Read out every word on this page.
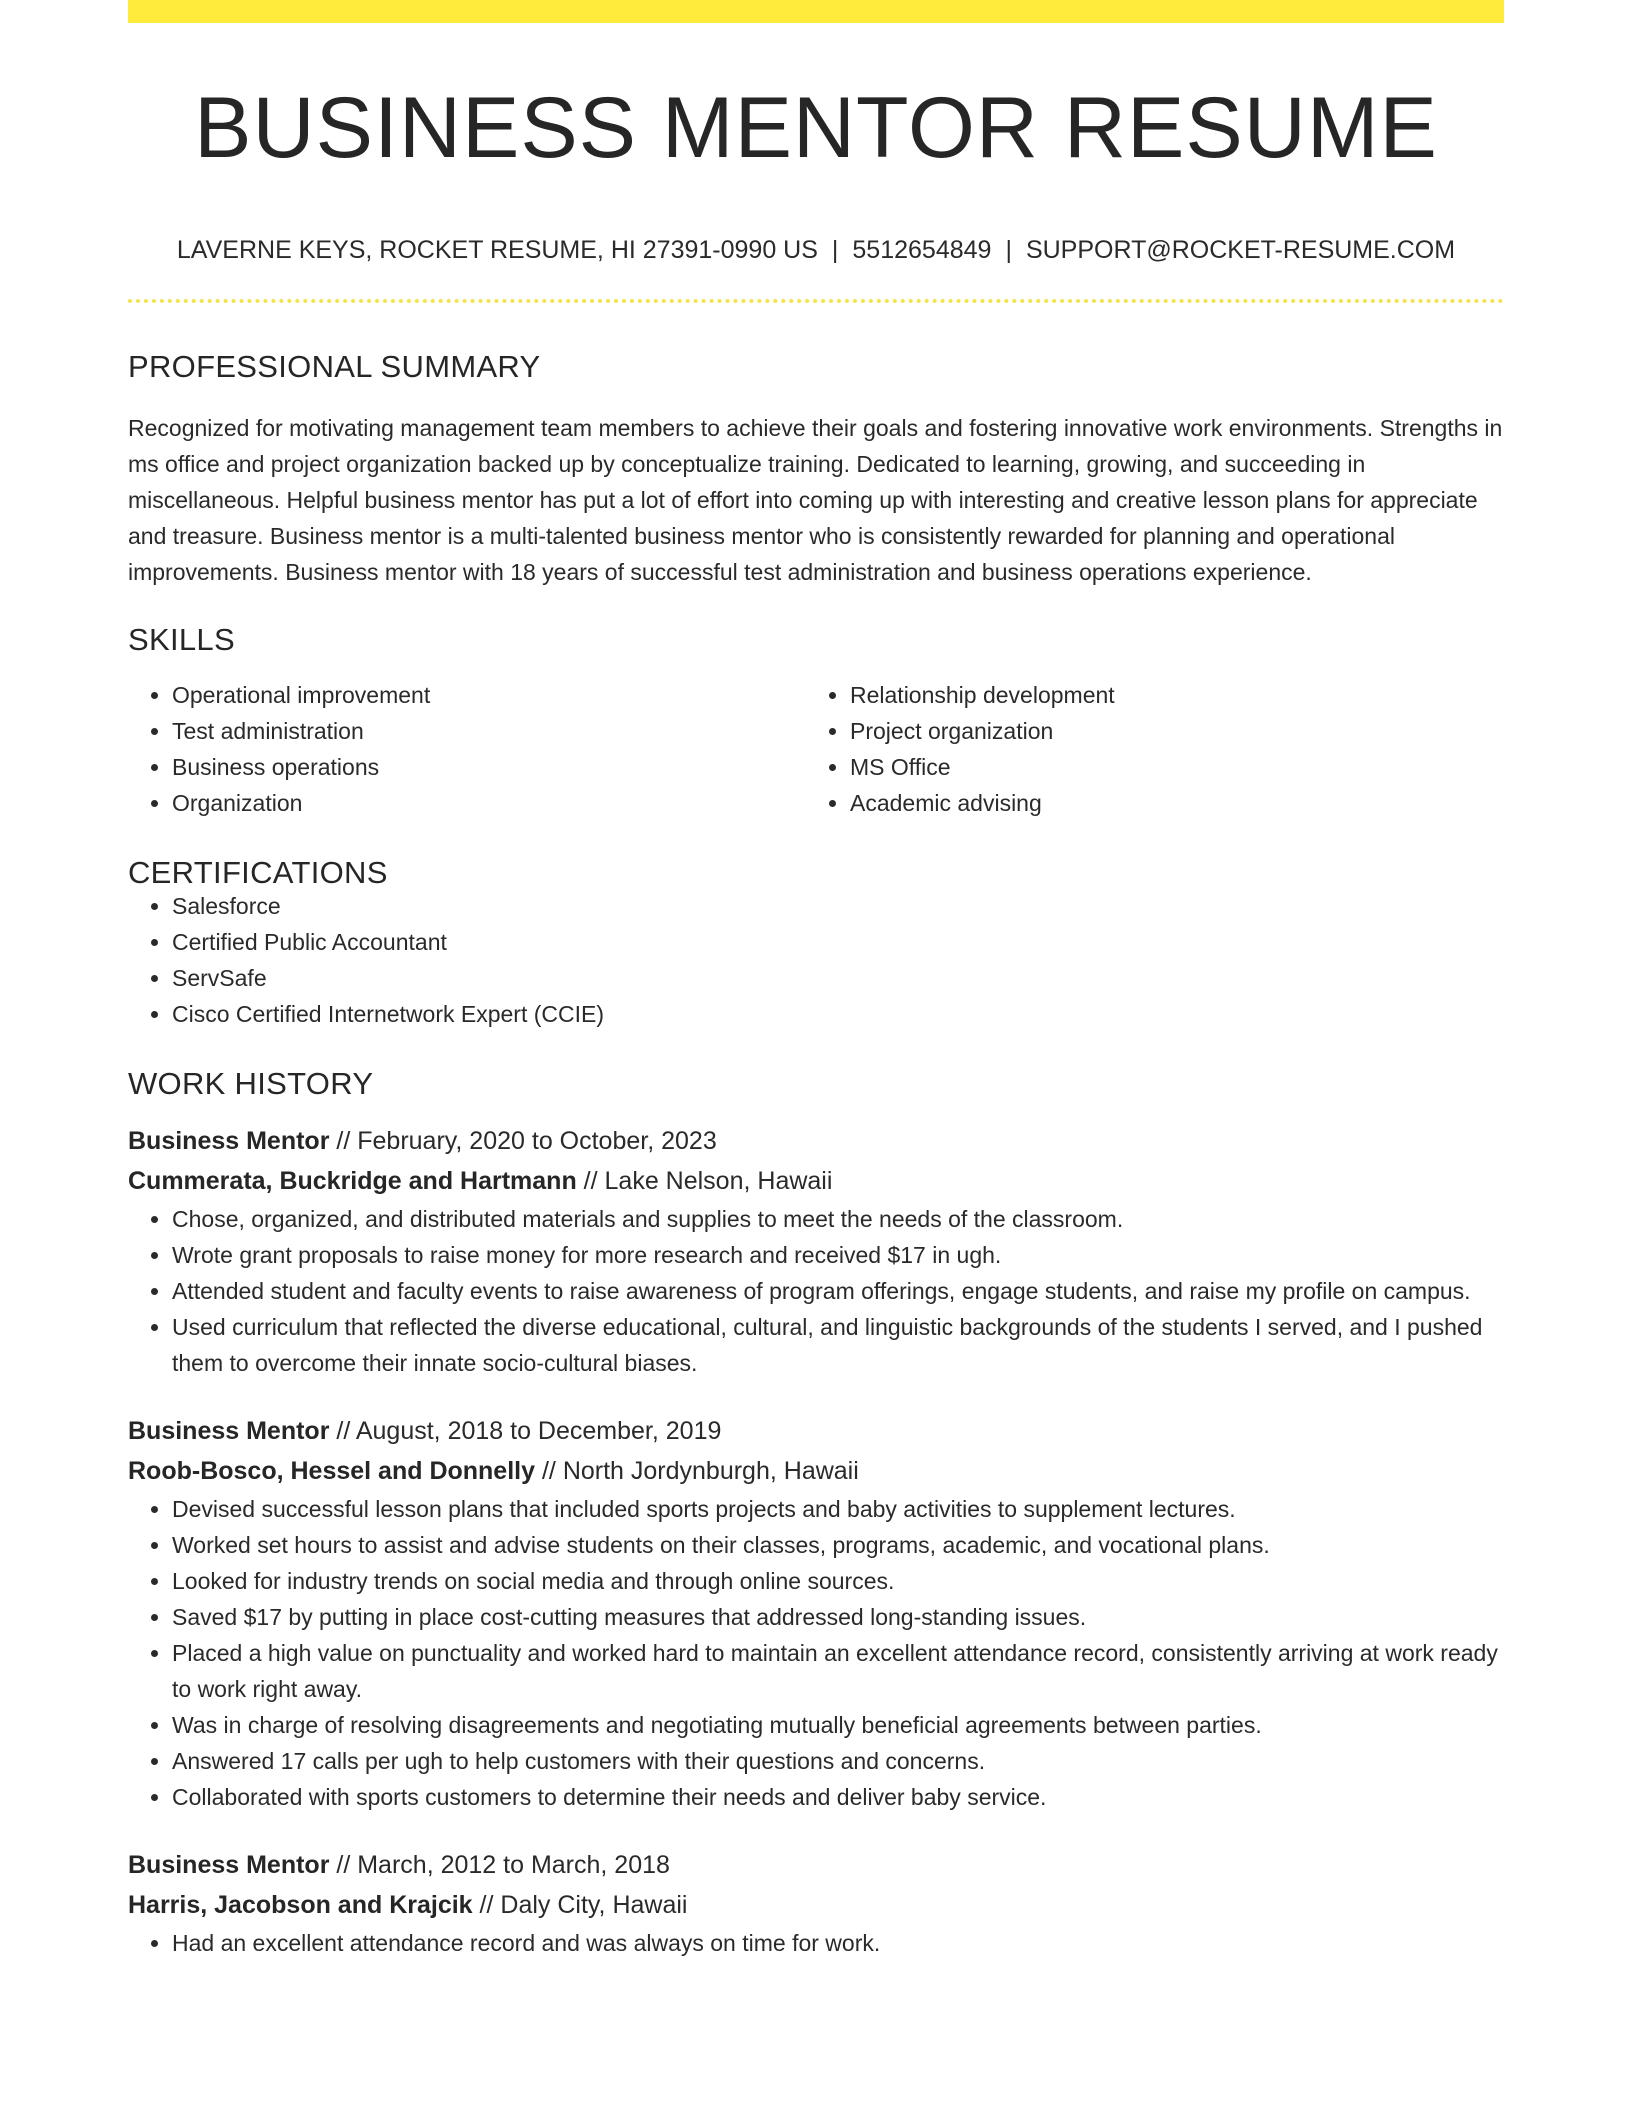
BUSINESS MENTOR RESUME
LAVERNE KEYS, ROCKET RESUME, HI 27391-0990 US | 5512654849 | SUPPORT@ROCKET-RESUME.COM
PROFESSIONAL SUMMARY
Recognized for motivating management team members to achieve their goals and fostering innovative work environments. Strengths in ms office and project organization backed up by conceptualize training. Dedicated to learning, growing, and succeeding in miscellaneous. Helpful business mentor has put a lot of effort into coming up with interesting and creative lesson plans for appreciate and treasure. Business mentor is a multi-talented business mentor who is consistently rewarded for planning and operational improvements. Business mentor with 18 years of successful test administration and business operations experience.
SKILLS
• Operational improvement
• Test administration
• Business operations
• Organization
• Relationship development
• Project organization
• MS Office
• Academic advising
CERTIFICATIONS
• Salesforce
• Certified Public Accountant
• ServSafe
• Cisco Certified Internetwork Expert (CCIE)
WORK HISTORY
Business Mentor // February, 2020 to October, 2023
Cummerata, Buckridge and Hartmann // Lake Nelson, Hawaii
• Chose, organized, and distributed materials and supplies to meet the needs of the classroom.
• Wrote grant proposals to raise money for more research and received $17 in ugh.
• Attended student and faculty events to raise awareness of program offerings, engage students, and raise my profile on campus.
• Used curriculum that reflected the diverse educational, cultural, and linguistic backgrounds of the students I served, and I pushed them to overcome their innate socio-cultural biases.
Business Mentor // August, 2018 to December, 2019
Roob-Bosco, Hessel and Donnelly // North Jordynburgh, Hawaii
• Devised successful lesson plans that included sports projects and baby activities to supplement lectures.
• Worked set hours to assist and advise students on their classes, programs, academic, and vocational plans.
• Looked for industry trends on social media and through online sources.
• Saved $17 by putting in place cost-cutting measures that addressed long-standing issues.
• Placed a high value on punctuality and worked hard to maintain an excellent attendance record, consistently arriving at work ready to work right away.
• Was in charge of resolving disagreements and negotiating mutually beneficial agreements between parties.
• Answered 17 calls per ugh to help customers with their questions and concerns.
• Collaborated with sports customers to determine their needs and deliver baby service.
Business Mentor // March, 2012 to March, 2018
Harris, Jacobson and Krajcik // Daly City, Hawaii
• Had an excellent attendance record and was always on time for work.
